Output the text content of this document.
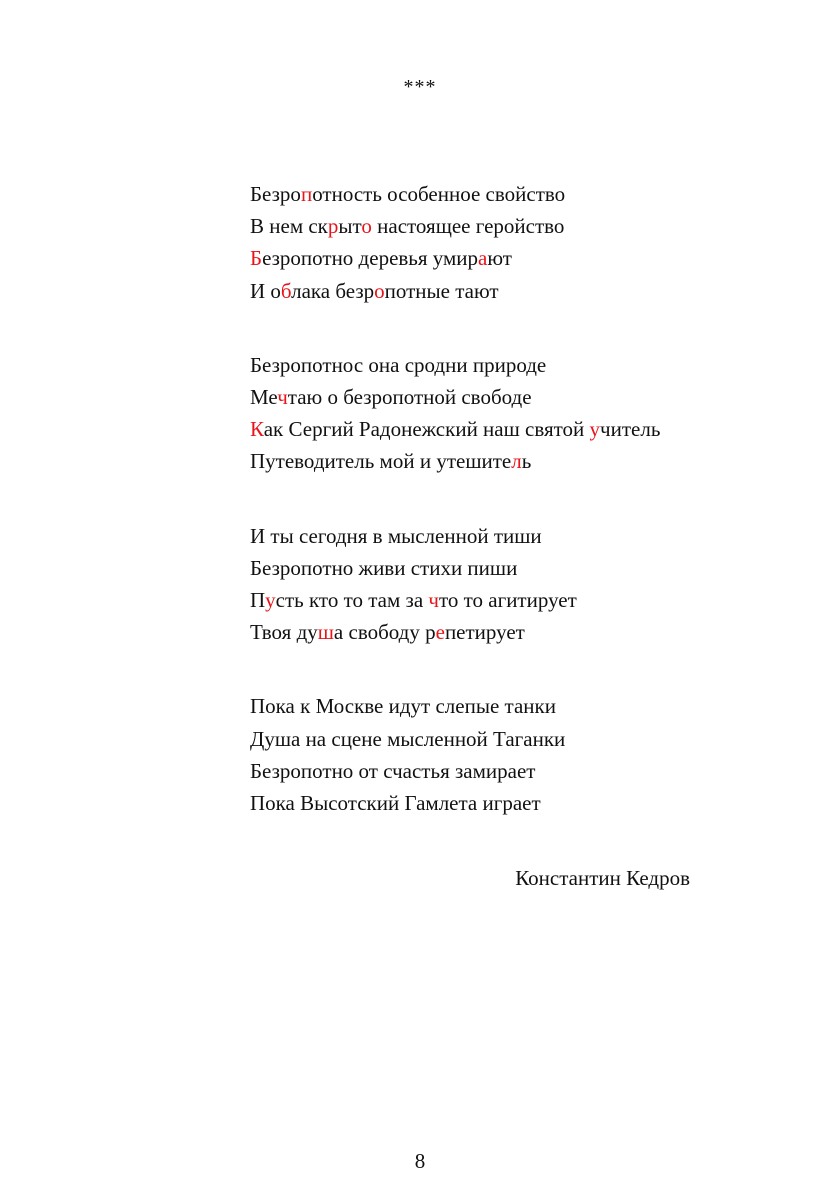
***
Безропотность особенное свойство
В нем скрыто настоящее геройство
Безропотно деревья умирают
И облака безропотные тают
Безропотнос она сродни природе
Мечтаю о безропотной свободе
Как Сергий Радонежский наш святой учитель
Путеводитель мой и утешитель
И ты сегодня в мысленной тиши
Безропотно живи стихи пиши
Пусть кто то там за что то агитирует
Твоя душа свободу репетирует
Пока к Москве идут слепые танки
Душа на сцене мысленной Таганки
Безропотно от счастья замирает
Пока Высотский Гамлета играет
Константин Кедров
8
